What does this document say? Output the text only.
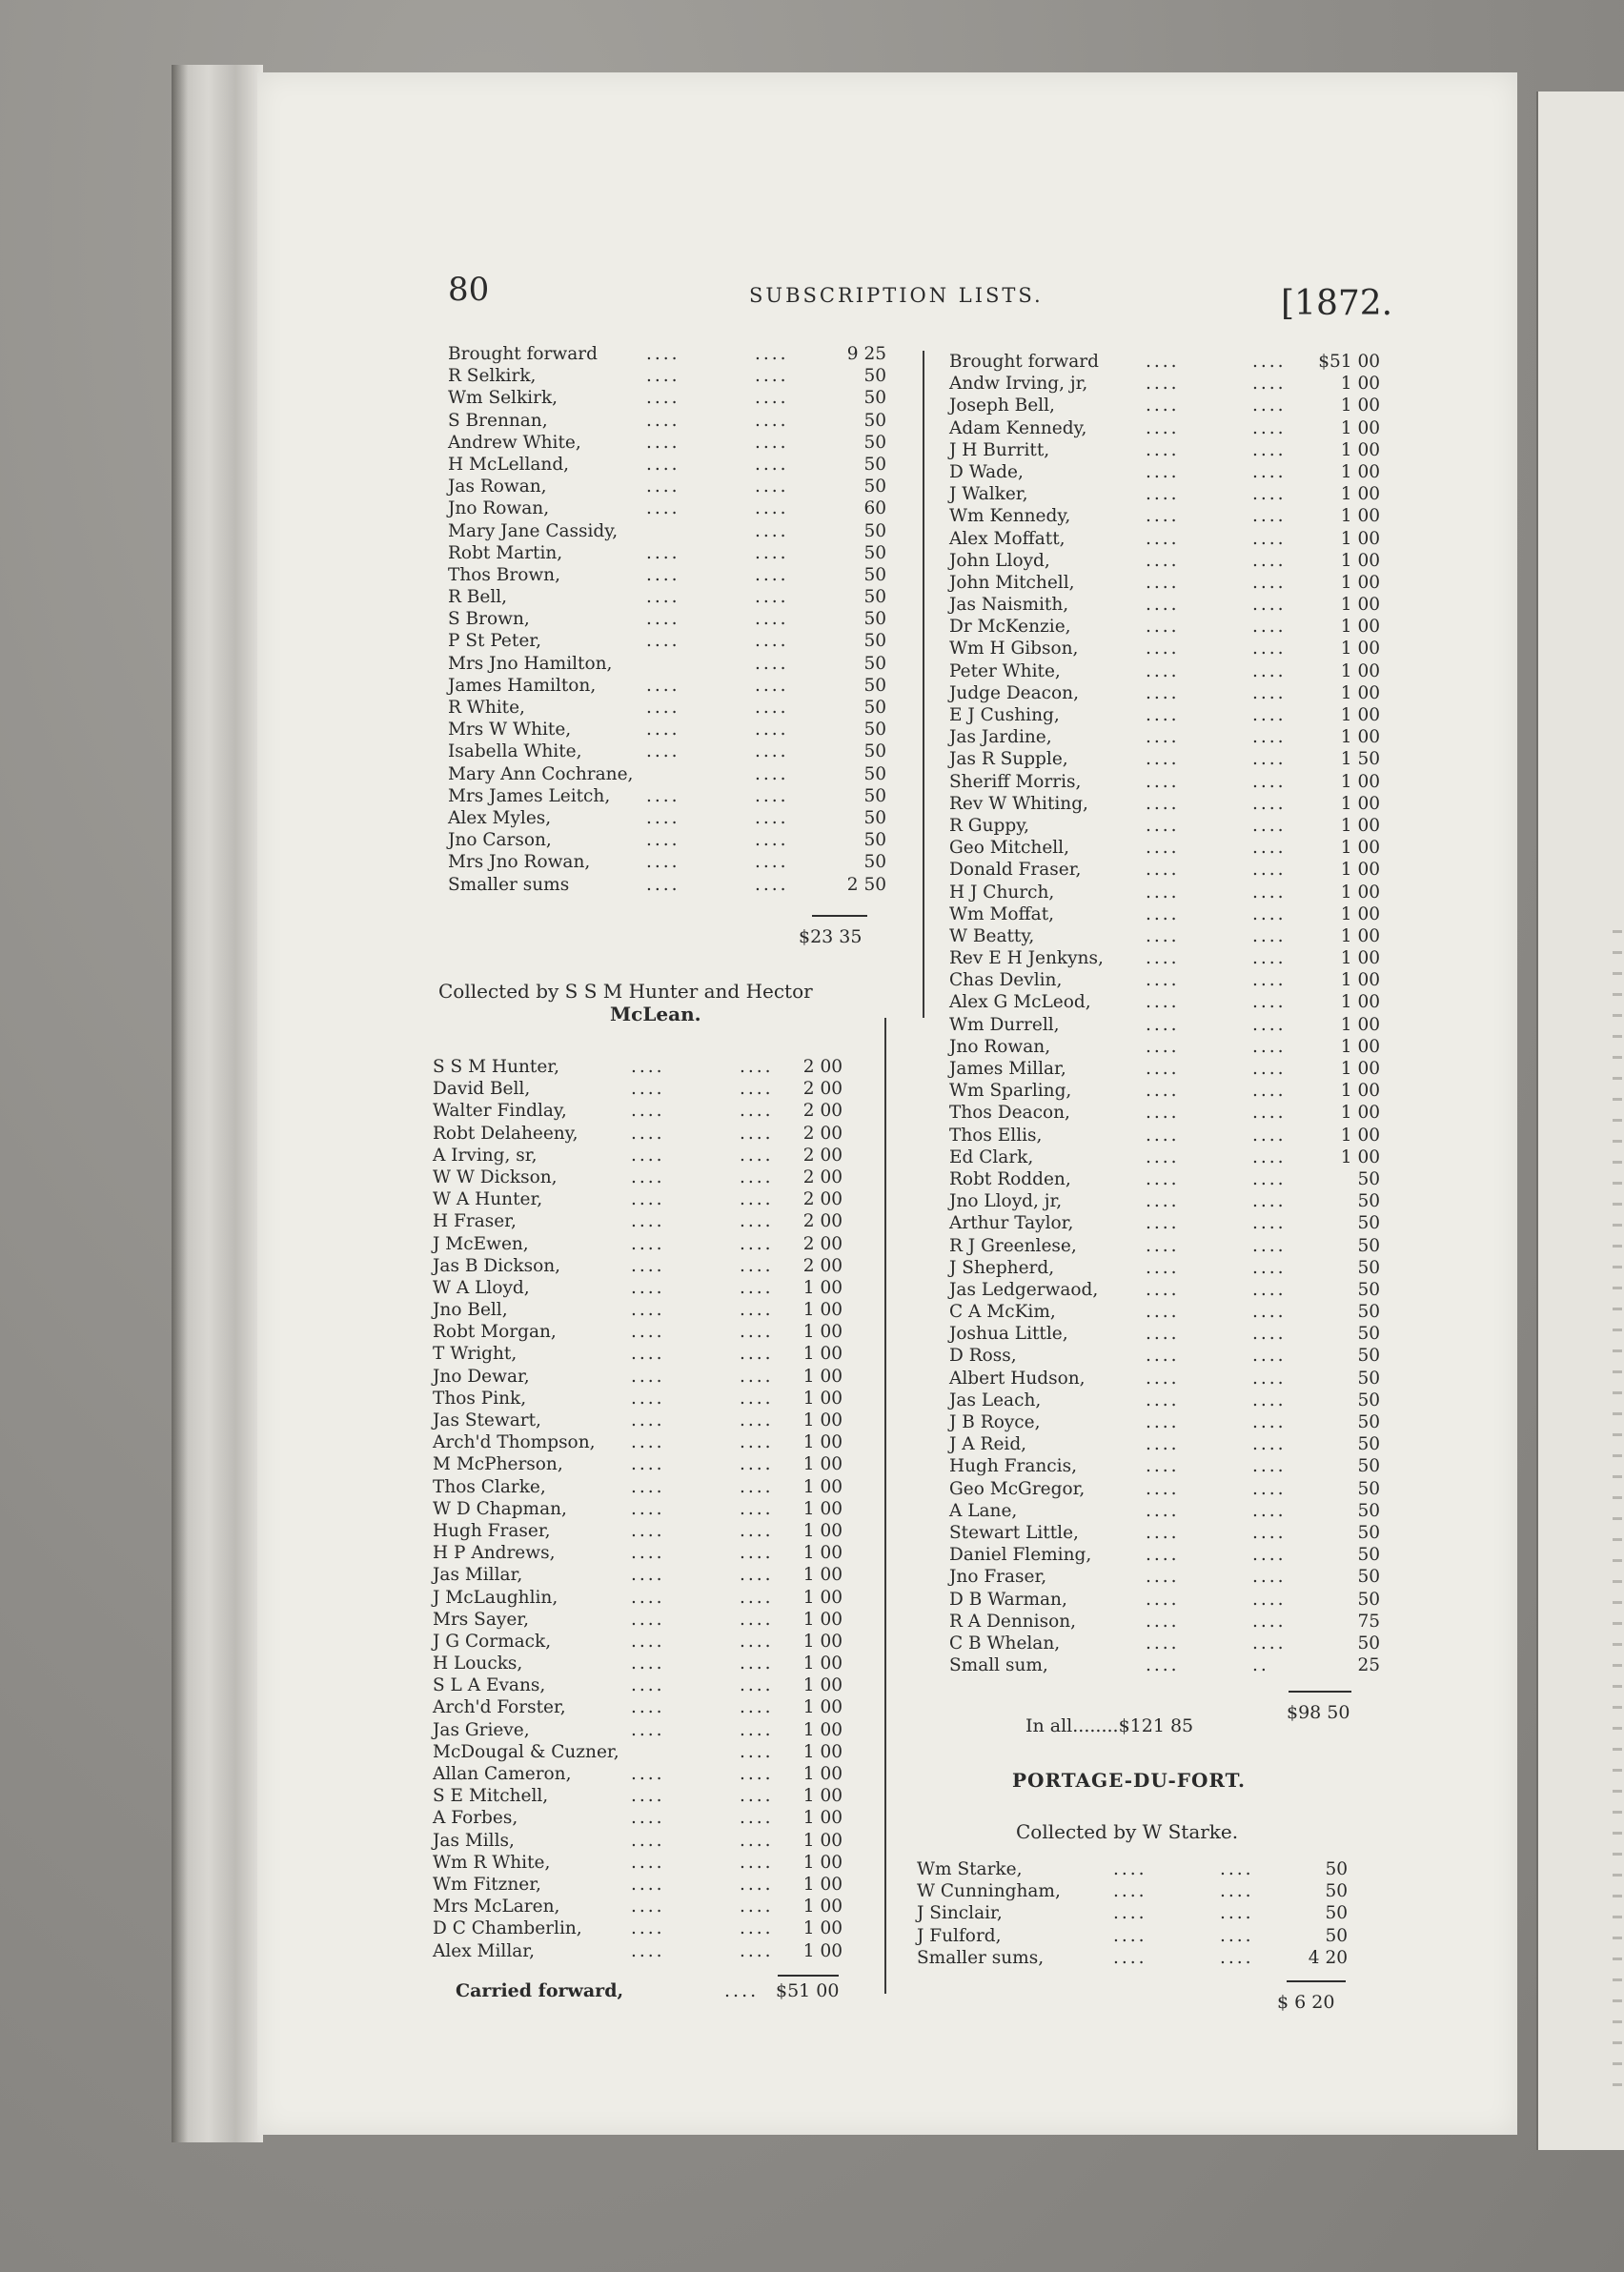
80	SUBSCRIPTION LISTS.	[1872.
Brought forward	....	....	9 25
R Selkirk,	....	....	50
Wm Selkirk,	....	....	50
S Brennan,	....	....	50
Andrew White,	....	....	50
H McLelland,	....	....	50
Jas Rowan,	....	....	50
Jno Rowan,	....	....	60
Mary Jane Cassidy,	....	50
Robt Martin,	....	....	50
Thos Brown,	....	....	50
R Bell,	....	....	50
S Brown,	....	....	50
P St Peter,	....	....	50
Mrs Jno Hamilton,	....	50
James Hamilton,	....	....	50
R White,	....	....	50
Mrs W White,	....	....	50
Isabella White,	....	....	50
Mary Ann Cochrane,	....	50
Mrs James Leitch, ....	....	50
Alex Myles,	....	....	50
Jno Carson,	....	....	50
Mrs Jno Rowan,	....	....	50
Smaller sums	....	....	2 50
$23 35
Collected by S S M Hunter and Hector
McLean.
S S M Hunter,	....	....	2 00
David Bell,	....	....	2 00
Walter Findlay,	....	....	2 00
Robt Delaheeny,	....	....	2 00
A Irving, sr,	....	....	2 00
W W Dickson,	....	....	2 00
W A Hunter,	....	....	2 00
H Fraser,	....	....	2 00
J McEwen,	....	....	2 00
Jas B Dickson,	....	....	2 00
W A Lloyd,	....	....	1 00
Jno Bell,	....	....	1 00
Robt Morgan,	....	....	1 00
T Wright,	....	....	1 00
Jno Dewar,	....	....	1 00
Thos Pink,	....	....	1 00
Jas Stewart,	....	....	1 00
Arch'd Thompson, ....	....	1 00
M McPherson,	....	....	1 00
Thos Clarke,	....	....	1 00
W D Chapman,	....	....	1 00
Hugh Fraser,	....	....	1 00
H P Andrews,	....	....	1 00
Jas Millar,	....	....	1 00
J McLaughlin,	....	....	1 00
Mrs Sayer,	....	....	1 00
J G Cormack,	....	....	1 00
H Loucks,	....	....	1 00
S L A Evans,	....	....	1 00
Arch'd Forster,	....	....	1 00
Jas Grieve,	....	....	1 00
McDougal & Cuzner,	....	1 00
Allan Cameron,	....	....	1 00
S E Mitchell,	....	....	1 00
A Forbes,	....	....	1 00
Jas Mills,	....	....	1 00
Wm R White,	....	....	1 00
Wm Fitzner,	....	....	1 00
Mrs McLaren,	....	....	1 00
D C Chamberlin,	....	....	1 00
Alex Millar,	....	....	1 00
Carried forward,	.... $51 00
Brought forward	....	....	$51 00
Andw Irving, jr,	....	....	1 00
Joseph Bell,	....	....	1 00
Adam Kennedy,	....	....	1 00
J H Burritt,	....	....	1 00
D Wade,	....	....	1 00
J Walker,	....	....	1 00
Wm Kennedy,	....	....	1 00
Alex Moffatt,	....	....	1 00
John Lloyd,	....	....	1 00
John Mitchell,	....	....	1 00
Jas Naismith,	....	....	1 00
Dr McKenzie,	....	....	1 00
Wm H Gibson,	....	....	1 00
Peter White,	....	....	1 00
Judge Deacon,	....	....	1 00
E J Cushing,	....	....	1 00
Jas Jardine,	....	....	1 00
Jas R Supple,	....	....	1 50
Sheriff Morris,	....	....	1 00
Rev W Whiting,	....	....	1 00
R Guppy,	....	....	1 00
Geo Mitchell,	....	....	1 00
Donald Fraser,	....	....	1 00
H J Church,	....	....	1 00
Wm Moffat,	....	....	1 00
W Beatty,	....	....	1 00
Rev E H Jenkyns, ....	....	1 00
Chas Devlin,	....	....	1 00
Alex G McLeod,	....	....	1 00
Wm Durrell,	....	....	1 00
Jno Rowan,	....	....	1 00
James Millar,	....	....	1 00
Wm Sparling,	....	....	1 00
Thos Deacon,	....	....	1 00
Thos Ellis,	....	....	1 00
Ed Clark,	....	....	1 00
Robt Rodden,	....	....	50
Jno Lloyd, jr,	....	....	50
Arthur Taylor,	....	....	50
R J Greenlese,	....	....	50
J Shepherd,	....	....	50
Jas Ledgerwaod,	....	....	50
C A McKim,	....	....	50
Joshua Little,	....	....	50
D Ross,	....	....	50
Albert Hudson,	....	....	50
Jas Leach,	....	....	50
J B Royce,	....	....	50
J A Reid,	....	....	50
Hugh Francis,	....	....	50
Geo McGregor,	....	....	50
A Lane,	....	....	50
Stewart Little,	....	....	50
Daniel Fleming,	....	....	50
Jno Fraser,	....	....	50
D B Warman,	....	....	50
R A Dennison,	....	....	75
C B Whelan,	....	....	50
Small sum,	....	..	25
$98 50
In all........$121 85
PORTAGE-DU-FORT.
Collected by W Starke.
Wm Starke,	....	....	50
W Cunningham,	....	....	50
J Sinclair,	....	....	50
J Fulford,	....	....	50
Smaller sums,	....	....	4 20
$ 6 20
